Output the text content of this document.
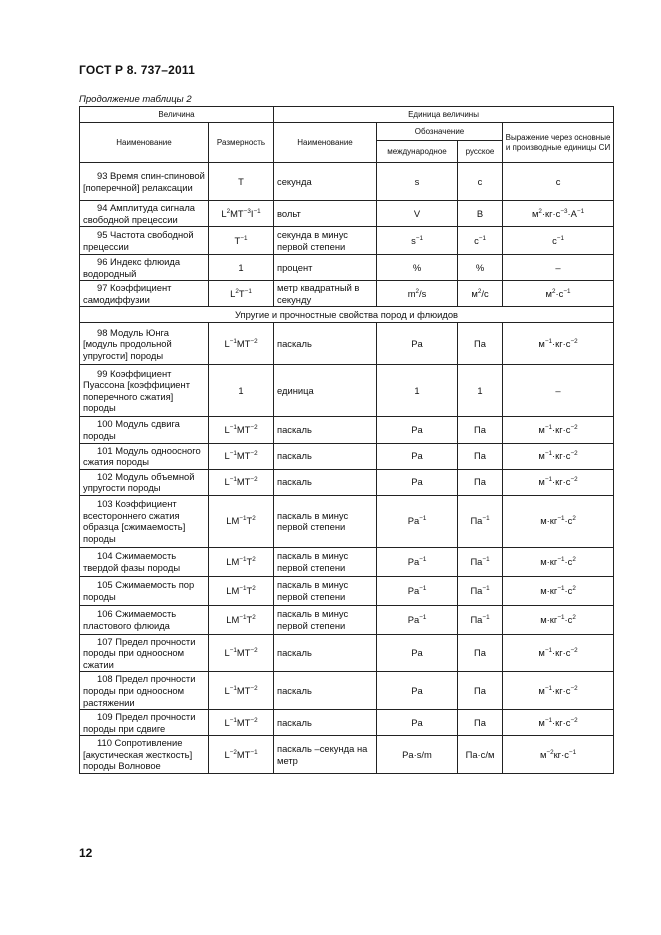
ГОСТ Р 8. 737–2011
Продолжение таблицы 2
Величина		Единица величины			
Наименование	Размерность	Наименование	Обозначение		Выражение через основные и производные единицы СИ
			международное	русское	
93 Время спин-спиновой [поперечной] релаксации	T	секунда	s	с	с
94 Амплитуда сигнала свободной прецессии	$L^2MT^{-3}I^{-1}$	вольт	V	В	$м^2\cdot кг\cdot с^{-3}\cdot А^{-1}$
95 Частота свободной прецессии	$T^{-1}$	секунда в минус первой степени	$s^{-1}$	$с^{-1}$	$с^{-1}$
96 Индекс флюида водородный	1	процент	%	%	–
97 Коэффициент самодиффузии	$L^2T^{-1}$	метр квадратный в секунду	$m^2/s$	$м^2/с$	$м^2\cdot с^{-1}$
Упругие и прочностные свойства пород и флюидов					
98 Модуль Юнга [модуль продольной упругости] породы	$L^{-1}MT^{-2}$	паскаль	Pa	Па	$м^{-1}\cdot кг\cdot с^{-2}$
99 Коэффициент Пуассона [коэффициент поперечного сжатия] породы	1	единица	1	1	–
100 Модуль сдвига породы	$L^{-1}MT^{-2}$	паскаль	Pa	Па	$м^{-1}\cdot кг\cdot с^{-2}$
101 Модуль одноосного сжатия породы	$L^{-1}MT^{-2}$	паскаль	Pa	Па	$м^{-1}\cdot кг\cdot с^{-2}$
102 Модуль объемной упругости породы	$L^{-1}MT^{-2}$	паскаль	Pa	Па	$м^{-1}\cdot кг\cdot с^{-2}$
103 Коэффициент всестороннего сжатия образца [сжимаемость] породы	$LM^{-1}T^2$	паскаль в минус первой степени	$Pa^{-1}$	$Па^{-1}$	$м\cdot кг^{-1}\cdot с^2$
104 Сжимаемость твердой фазы породы	$LM^{-1}T^2$	паскаль в минус первой степени	$Pa^{-1}$	$Па^{-1}$	$м\cdot кг^{-1}\cdot с^2$
105 Сжимаемость пор породы	$LM^{-1}T^2$	паскаль в минус первой степени	$Pa^{-1}$	$Па^{-1}$	$м\cdot кг^{-1}\cdot с^2$
106 Сжимаемость пластового флюида	$LM^{-1}T^2$	паскаль в минус первой степени	$Pa^{-1}$	$Па^{-1}$	$м\cdot кг^{-1}\cdot с^2$
107 Предел прочности породы при одноосном сжатии	$L^{-1}MT^{-2}$	паскаль	Pa	Па	$м^{-1}\cdot кг\cdot с^{-2}$
108 Предел прочности породы при одноосном растяжении	$L^{-1}MT^{-2}$	паскаль	Pa	Па	$м^{-1}\cdot кг\cdot с^{-2}$
109 Предел прочности породы при сдвиге	$L^{-1}MT^{-2}$	паскаль	Pa	Па	$м^{-1}\cdot кг\cdot с^{-2}$
110 Сопротивление [акустическая жесткость] породы Волновое	$L^{-2}MT^{-1}$	паскаль –секунда на метр	Pa·s/m	Па·с/м	$м^{-2}кг\cdot с^{-1}$
12
